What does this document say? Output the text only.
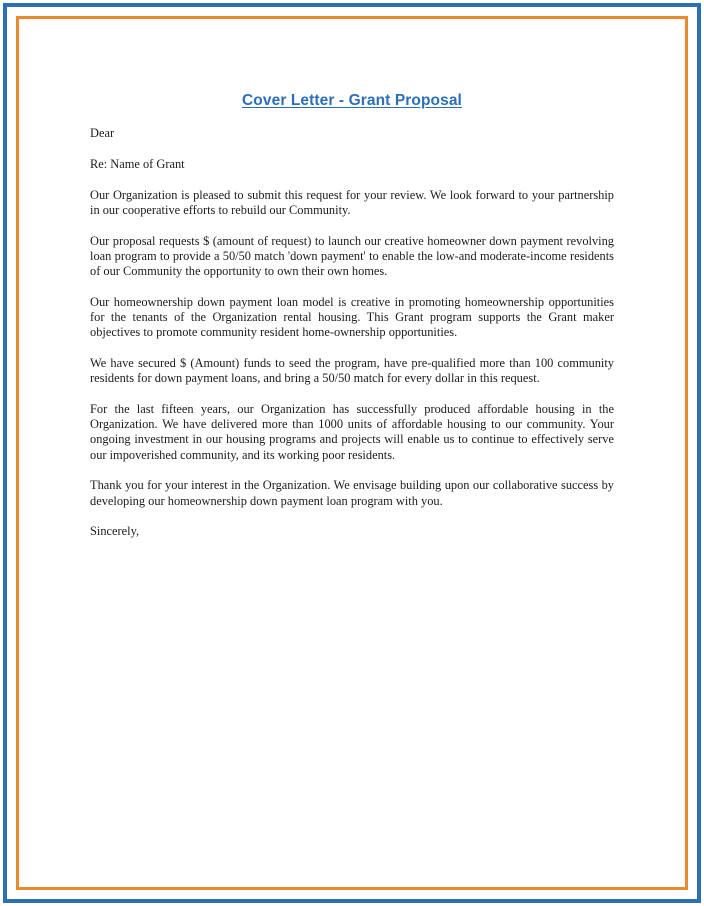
Cover Letter - Grant Proposal

Dear

Re: Name of Grant

Our Organization is pleased to submit this request for your review. We look forward to your partnership in our cooperative efforts to rebuild our Community.

Our proposal requests $ (amount of request) to launch our creative homeowner down payment revolving loan program to provide a 50/50 match 'down payment' to enable the low-and moderate-income residents of our Community the opportunity to own their own homes.

Our homeownership down payment loan model is creative in promoting homeownership opportunities for the tenants of the Organization rental housing. This Grant program supports the Grant maker objectives to promote community resident home-ownership opportunities.

We have secured $ (Amount) funds to seed the program, have pre-qualified more than 100 community residents for down payment loans, and bring a 50/50 match for every dollar in this request.

For the last fifteen years, our Organization has successfully produced affordable housing in the Organization. We have delivered more than 1000 units of affordable housing to our community. Your ongoing investment in our housing programs and projects will enable us to continue to effectively serve our impoverished community, and its working poor residents.

Thank you for your interest in the Organization. We envisage building upon our collaborative success by developing our homeownership down payment loan program with you.

Sincerely,
